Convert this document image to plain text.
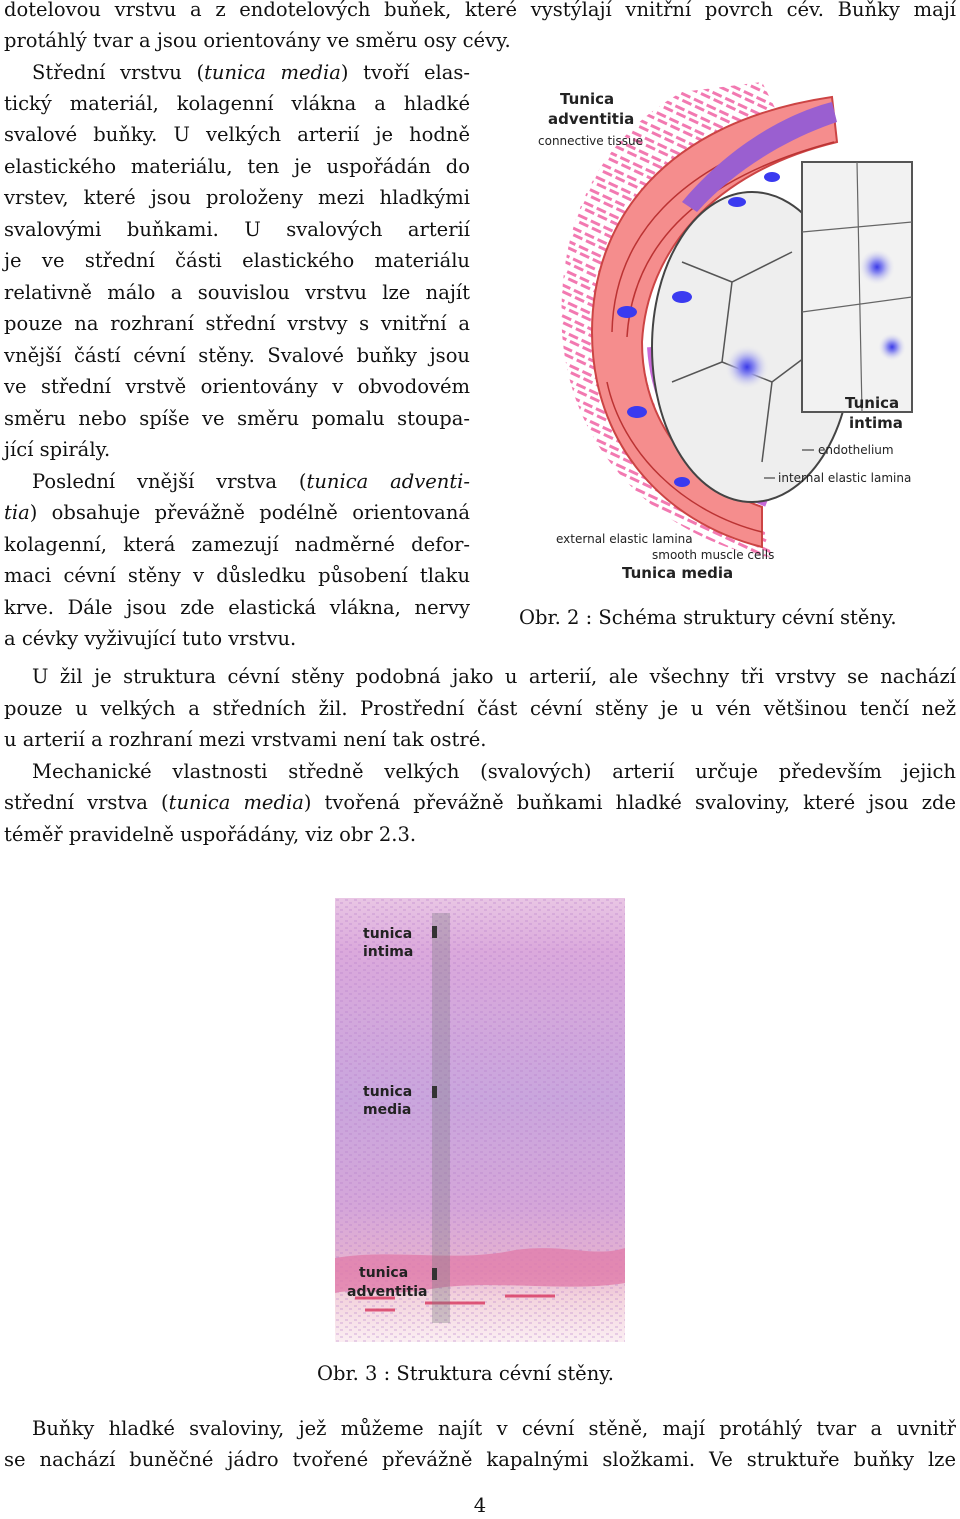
dotelovou vrstvu a z endotelových buňek, které vystýlají vnitřní povrch cév. Buňky mají
protáhlý tvar a jsou orientovány ve směru osy cévy.
Střední vrstvu (tunica media) tvoří elas-
tický materiál, kolagenní vlákna a hladké
svalové buňky. U velkých arterií je hodně
elastického materiálu, ten je uspořádán do
vrstev, které jsou proloženy mezi hladkými
svalovými buňkami. U svalových arterií
je ve střední části elastického materiálu
relativně málo a souvislou vrstvu lze najít
pouze na rozhraní střední vrstvy s vnitřní a
vnější částí cévní stěny. Svalové buňky jsou
ve střední vrstvě orientovány v obvodovém
směru nebo spíše ve směru pomalu stoupa-
jící spirály.
Poslední vnější vrstva (tunica adventi-
tia) obsahuje převážně podélně orientovaná
kolagenní, která zamezují nadměrné defor-
maci cévní stěny v důsledku působení tlaku
krve. Dále jsou zde elastická vlákna, nervy
a cévky vyživující tuto vrstvu.
Tunica
adventitia
connective tissue
Tunica
intima
endothelium
internal elastic lamina
external elastic lamina
smooth muscle cells
Tunica media
Obr. 2 : Schéma struktury cévní stěny.
U žil je struktura cévní stěny podobná jako u arterií, ale všechny tři vrstvy se nachází
pouze u velkých a středních žil. Prostřední část cévní stěny je u vén většinou tenčí než
u arterií a rozhraní mezi vrstvami není tak ostré.
Mechanické vlastnosti středně velkých (svalových) arterií určuje především jejich
střední vrstva (tunica media) tvořená převážně buňkami hladké svaloviny, které jsou zde
téměř pravidelně uspořádány, viz obr 2.3.
tunica
intima
tunica
media
tunica
adventitia
Obr. 3 : Struktura cévní stěny.
Buňky hladké svaloviny, jež můžeme najít v cévní stěně, mají protáhlý tvar a uvnitř
se nachází buněčné jádro tvořené převážně kapalnými složkami. Ve struktuře buňky lze
4
